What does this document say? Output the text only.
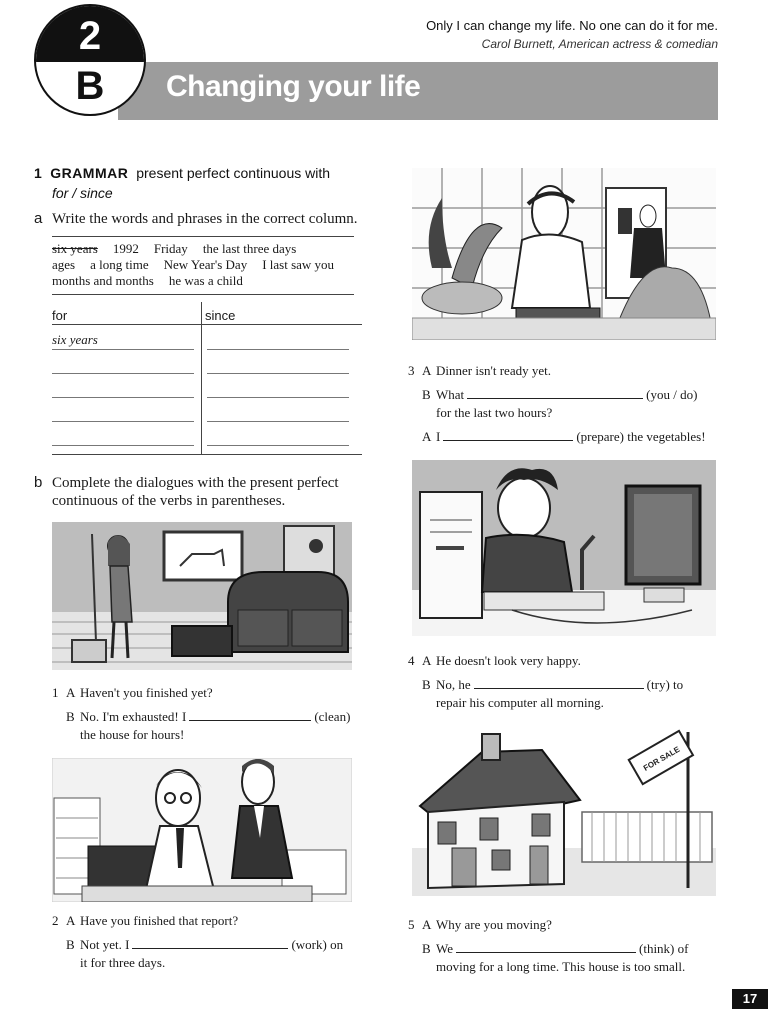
Changing your life
2
B
Only I can change my life. No one can do it for me.
Carol Burnett, American actress & comedian
1 GRAMMAR present perfect continuous with
for / since
a Write the words and phrases in the correct column.
six years 1992 Friday the last three days
ages a long time New Year's Day I last saw you
months and months he was a child
for	since
six years
b Complete the dialogues with the present perfect continuous of the verbs in parentheses.
1 A Haven't you finished yet?
B No. I'm exhausted! I	(clean)
the house for hours!
2 A Have you finished that report?
B Not yet. I	(work) on
it for three days.
3 A Dinner isn't ready yet.
B What	(you / do)
for the last two hours?
A I	(prepare) the vegetables!
4 A He doesn't look very happy.
B No, he	(try) to
repair his computer all morning.
FOR SALE
5 A Why are you moving?
B We	(think) of
moving for a long time. This house is too small.
17
